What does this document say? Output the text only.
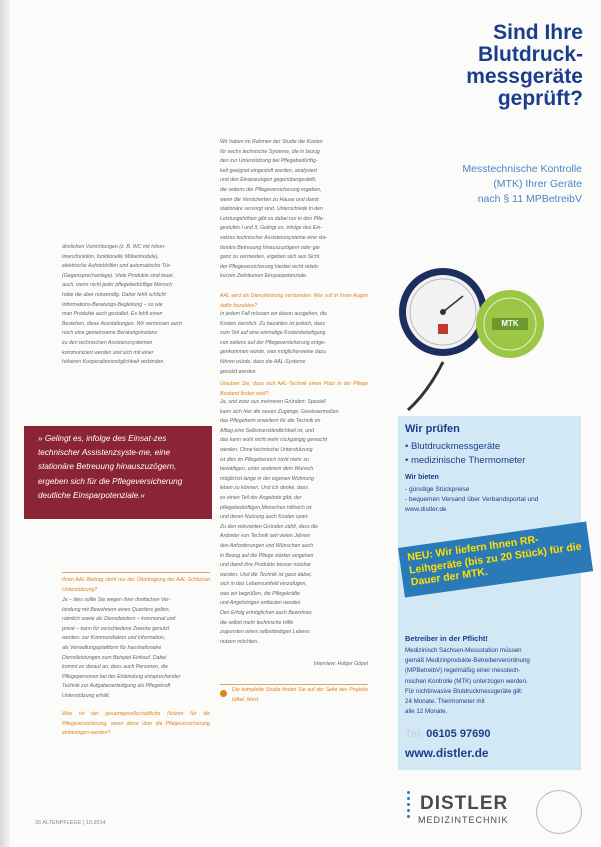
ähnlichen Vorrichtungen (z. B. WC mit Inkon-
tinenzfunktion, funktionelle Möbelmodule),
elektrische Aufstehhilfen und automatische Tür-
(Gegensprechanlage). Viele Produkte sind teuer,
auch, wenn nicht jeder pflegebedürftige Mensch
hätte die aber notwendig. Daher fehlt schlicht
Informations-Beratungs-Begleitung – so wie
man Produkte auch gestaltet. Es fehlt einen
Bestehen, diese Ausstattungen. Wir vermissen auch
noch eine gemeinsame Beratungsinstanz
zu den technischen Assistenzsystemen
kommuniziert werden und sich mit einer
höheren Kooperationsmöglichkeit verbinden.
» Gelingt es, infolge des Einsat-zes technischer Assistenzsyste-me, eine stationäre Betreuung hinauszuzögern, ergeben sich für die Pflegeversicherung deutliche Einsparpotenziale.«
Ihren AAL-Beitrag steht nur der Übertragung der AAL-Schlüssel Unterstützung?
Ja – dies sollte Sie wegen ihrer dreifachen Ver-
bindung mit Bewohnern eines Quartiers gelten,
nämlich sowie als Dienstleistern – kommunal und
privat – kann für verschiedene Zwecke genutzt
werden: zur Kommunikation und Information,
als Verwaltungsplattform für haushaltsnahe
Dienstleistungen zum Beispiel Einkauf. Dabei
kommt es darauf an, dass auch Personen, die
Pflegepersonen bei der Einbindung entsprechender
Technik zur Aufgabenerledigung als Pflegekraft
Unterstützung erhält.
Was ist der gesamtgesellschaftliche Nutzen für die Pflegeversicherung, wenn diese über die Pflegeversicherung einbezogen werden?
Wir haben im Rahmen der Studie die Kosten
für sechs technische Systeme, die in bezug
den zur Unterstützung bei Pflegebedürftig-
keit geeignet eingestuft wurden, analysiert
und den Einsparungen gegenübergestellt,
die seitens der Pflegeversicherung ergeben,
wenn die Versicherten zu Hause und damit
stationäre versorgt sind. Unterschiede in den
Leistungshöhen gibt es dabei nur in den Pfle-
gestufen I und II. Gelingt es, infolge des Ein-
satzes technischer Assistenzsysteme eine sta-
tionäre Betreuung hinauszuzögern oder gar
ganz zu vermeiden, ergeben sich aus Sicht
der Pflegeversicherung hierbei recht relativ
kurzen Zeiträumen Einsparpotenziale.
AAL wird als Dienstleistung verstanden. Wer soll in Ihren Augen dafür bezahlen?
In jedem Fall müssen wir davon ausgehen, die
Kosten ziemlich. Zu bezahlen ist jedoch, dass
zum Teil auf eine einmalige Kostenbeteiligung
von seitens auf der Pflegeversicherung entge-
genkommen würde, was möglicherweise dazu
führen würde, dass die AAL-Systeme
genutzt werden.
Glauben Sie, dass sich AAL-Technik einen Platz in der Pflege Bestand finden wird?
Ja, und zwar aus mehreren Gründen: Speziell
kann sich hier die neuen Zugänge. Gewissermaßen
das Pflegeheim erweitern für die Technik im
Alltag eine Selbstverständlichkeit ist, und
das kann wohl nicht mehr rückgängig gemacht
werden. Ohne technische Unterstützung
ist dies im Pflegebereich nicht mehr zu
bewältigen, unter anderem dem Wunsch
möglichst lange in der eigenen Wohnung
leben zu können. Und ich denke, dass
es einen Teil der Angebote gibt, der
pflegebedürftigen Menschen hilfreich ist
und deren Nutzung auch Kosten spart.
Zu den relevanten Gründen zählt, dass die
Anbieter von Technik seit vielen Jahren
den Anforderungen und Wünschen auch
in Bezug auf die Pflege stärker eingehen
und damit ihre Produkte besser nutzbar
werden. Und die Technik ist ganz dabei,
sich in das Lebensumfeld einzufügen,
was wir begrüßen, die Pflegekräfte
und Angehörigen entlasten werden.
Den Erfolg ermöglichen auch Bewohner,
die selbst mehr technische Hilfe
zugunsten eines selbständigen Lebens
nutzen möchten.
Interview: Holger Göpel
Die komplette Studie finden Sie auf der Seite des Projekts IdAal_Nord
26 ALTENPFLEGE | 10.2014
Sind Ihre
Blutdruck-
messgeräte
geprüft?
Messtechnische Kontrolle
(MTK) Ihrer Geräte
nach § 11 MPBetreibV
MTK
Wir prüfen
• Blutdruckmessgeräte
• medizinische Thermometer
Wir bieten
- günstige Stückpreise
- bequemen Versand über Verbandsportal und
www.distler.de
NEU: Wir liefern Ihnen RR-Leihgeräte (bis zu 20 Stück) für die Dauer der MTK.
Betreiber in der Pflicht!
Medizinisch Sachsen-Messstation müssen
gemäß Medizinprodukte-Betreiberverordnung
(MPBetreibV) regelmäßig einer messtech-
nischen Kontrolle (MTK) unterzogen werden.
Für nichtinvasive Blutdruckmessgeräte gilt:
24 Monate. Thermometer mit
alle 12 Monate.
Tel. 06105 97690
www.distler.de
DISTLER
MEDIZINTECHNIK
